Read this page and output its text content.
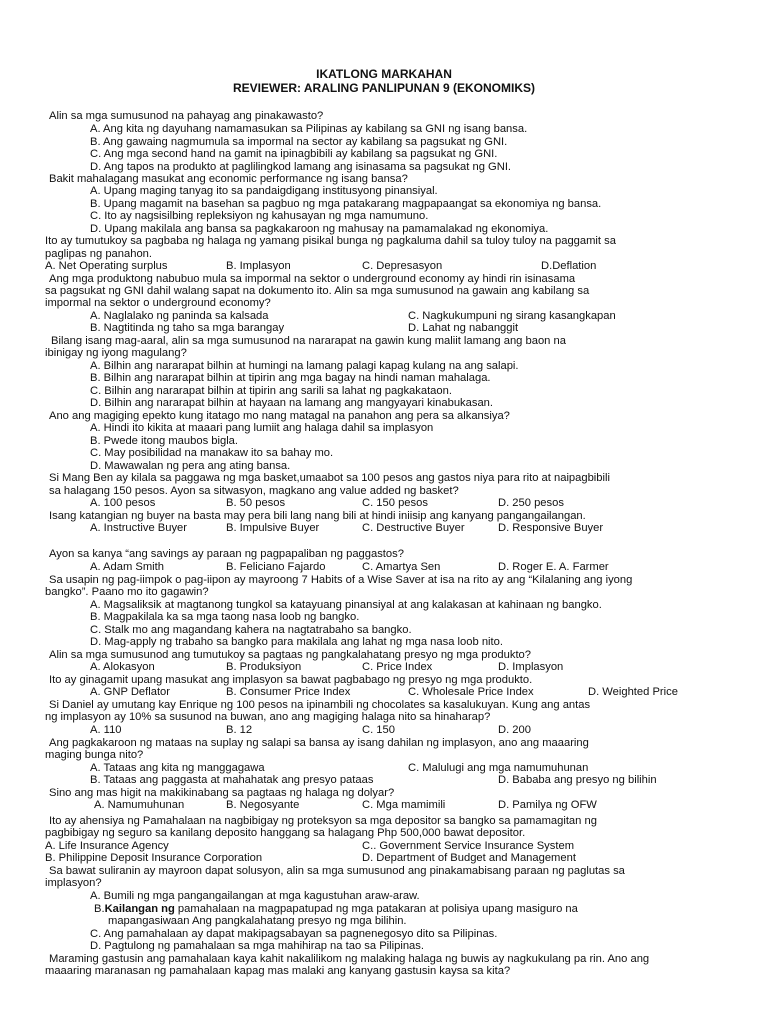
IKATLONG MARKAHAN
REVIEWER: ARALING PANLIPUNAN 9 (EKONOMIKS)
Alin sa mga sumusunod na pahayag ang pinakawasto?
A. Ang kita ng dayuhang namamasukan sa Pilipinas ay kabilang sa GNI ng isang bansa.
B. Ang gawaing nagmumula sa impormal na sector ay kabilang sa pagsukat ng GNI.
C. Ang mga second hand na gamit na ipinagbibili ay kabilang sa pagsukat ng GNI.
D. Ang tapos na produkto at paglilingkod lamang ang isinasama sa pagsukat ng GNI.
Bakit mahalagang masukat ang economic performance ng isang bansa?
A. Upang maging tanyag ito sa pandaigdigang institusyong pinansiyal.
B. Upang magamit na basehan sa pagbuo ng mga patakarang magpapaangat sa ekonomiya ng bansa.
C. Ito ay nagsisilbing repleksiyon ng kahusayan ng mga namumuno.
D. Upang makilala ang bansa sa pagkakaroon ng mahusay na pamamalakad ng ekonomiya.
Ito ay tumutukoy sa pagbaba ng halaga ng yamang pisikal bunga ng pagkaluma dahil sa tuloy tuloy na paggamit sa
paglipas ng panahon.
A. Net Operating surplus	B. Implasyon	C. Depresasyon	D.Deflation
Ang mga produktong nabubuo mula sa impormal na sektor o underground economy ay hindi rin isinasama
sa pagsukat ng GNI dahil walang sapat na dokumento ito. Alin sa mga sumusunod na gawain ang kabilang sa
impormal na sektor o underground economy?
A. Naglalako ng paninda sa kalsada	C. Nagkukumpuni ng sirang kasangkapan
B. Nagtitinda ng taho sa mga barangay	D. Lahat ng nabanggit
Bilang isang mag-aaral, alin sa mga sumusunod na nararapat na gawin kung maliit lamang ang baon na
ibinigay ng iyong magulang?
A. Bilhin ang nararapat bilhin at humingi na lamang palagi kapag kulang na ang salapi.
B. Bilhin ang nararapat bilhin at tipirin ang mga bagay na hindi naman mahalaga.
C. Bilhin ang nararapat bilhin at tipirin ang sarili sa lahat ng pagkakataon.
D. Bilhin ang nararapat bilhin at hayaan na lamang ang mangyayari kinabukasan.
Ano ang magiging epekto kung itatago mo nang matagal na panahon ang pera sa alkansiya?
A. Hindi ito kikita at maaari pang lumiit ang halaga dahil sa implasyon
B. Pwede itong maubos bigla.
C. May posibilidad na manakaw ito sa bahay mo.
D. Mawawalan ng pera ang ating bansa.
Si Mang Ben ay kilala sa paggawa ng mga basket,umaabot sa 100 pesos ang gastos niya para rito at naipagbibili
sa halagang 150 pesos. Ayon sa sitwasyon, magkano ang value added ng basket?
A. 100 pesos	B. 50 pesos	C. 150 pesos	D. 250 pesos
Isang katangian ng buyer na basta may pera bili lang nang bili at hindi iniisip ang kanyang pangangailangan.
A. Instructive Buyer	B. Impulsive Buyer	C. Destructive Buyer	D. Responsive Buyer
Ayon sa kanya “ang savings ay paraan ng pagpapaliban ng paggastos?
A. Adam Smith	B. Feliciano Fajardo	C. Amartya Sen	D. Roger E. A. Farmer
Sa usapin ng pag-iimpok o pag-iipon ay mayroong 7 Habits of a Wise Saver at isa na rito ay ang “Kilalaning ang iyong
bangko”. Paano mo ito gagawin?
A. Magsaliksik at magtanong tungkol sa katayuang pinansiyal at ang kalakasan at kahinaan ng bangko.
B. Magpakilala ka sa mga taong nasa loob ng bangko.
C. Stalk mo ang magandang kahera na nagtatrabaho sa bangko.
D. Mag-apply ng trabaho sa bangko para makilala ang lahat ng mga nasa loob nito.
Alin sa mga sumusunod ang tumutukoy sa pagtaas ng pangkalahatang presyo ng mga produkto?
A. Alokasyon	B. Produksiyon	C. Price Index	D. Implasyon
Ito ay ginagamit upang masukat ang implasyon sa bawat pagbabago ng presyo ng mga produkto.
A. GNP Deflator	B. Consumer Price Index	C. Wholesale Price Index	D. Weighted Price
Si Daniel ay umutang kay Enrique ng 100 pesos na ipinambili ng chocolates sa kasalukuyan. Kung ang antas
ng implasyon ay 10% sa susunod na buwan, ano ang magiging halaga nito sa hinaharap?
A. 110	B. 12	C. 150	D. 200
Ang pagkakaroon ng mataas na suplay ng salapi sa bansa ay isang dahilan ng implasyon, ano ang maaaring
maging bunga nito?
A. Tataas ang kita ng manggagawa	C. Malulugi ang mga namumuhunan
B. Tataas ang paggasta at mahahatak ang presyo pataas	D. Bababa ang presyo ng bilihin
Sino ang mas higit na makikinabang sa pagtaas ng halaga ng dolyar?
A. Namumuhunan	B. Negosyante	C. Mga mamimili	D. Pamilya ng OFW
Ito ay ahensiya ng Pamahalaan na nagbibigay ng proteksyon sa mga depositor sa bangko sa pamamagitan ng
pagbibigay ng seguro sa kanilang deposito hanggang sa halagang Php 500,000 bawat depositor.
A. Life Insurance Agency	C.. Government Service Insurance System
B. Philippine Deposit Insurance Corporation	D. Department of Budget and Management
Sa bawat suliranin ay mayroon dapat solusyon, alin sa mga sumusunod ang pinakamabisang paraan ng paglutas sa
implasyon?
A. Bumili ng mga pangangailangan at mga kagustuhan araw-araw.
B.Kailangan ng pamahalaan na magpapatupad ng mga patakaran at polisiya upang masiguro na
mapangasiwaan Ang pangkalahatang presyo ng mga bilihin.
C. Ang pamahalaan ay dapat makipagsabayan sa pagnenegosyo dito sa Pilipinas.
D. Pagtulong ng pamahalaan sa mga mahihirap na tao sa Pilipinas.
Maraming gastusin ang pamahalaan kaya kahit nakalilikom ng malaking halaga ng buwis ay nagkukulang pa rin. Ano ang
maaaring maranasan ng pamahalaan kapag mas malaki ang kanyang gastusin kaysa sa kita?
